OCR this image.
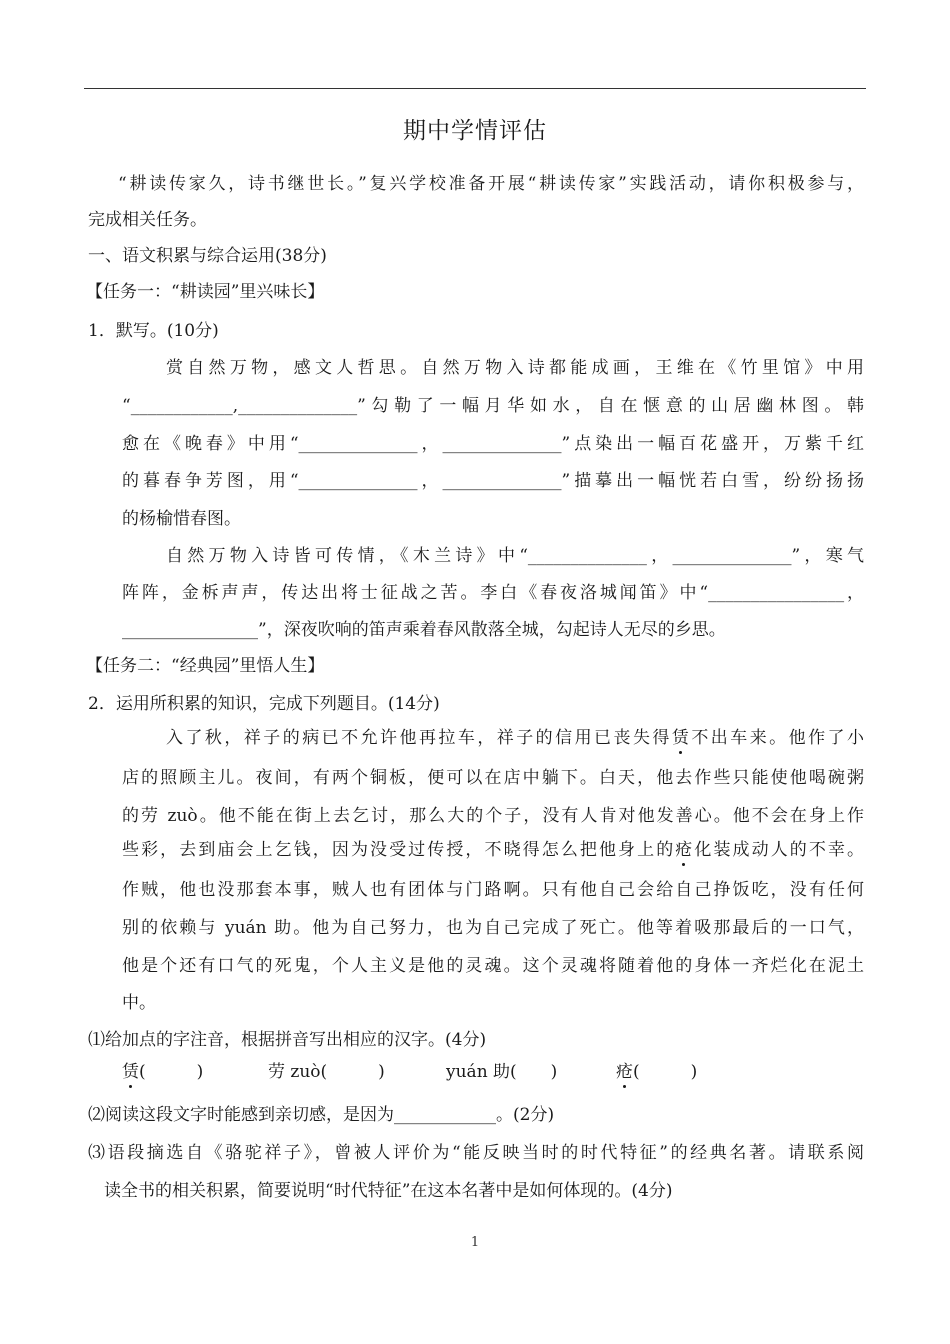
期中学情评估
“耕读传家久，诗书继世长。”复兴学校准备开展“耕读传家”实践活动，请你积极参与，
完成相关任务。
一、语文积累与综合运用(38分)
【任务一：“耕读园”里兴味长】
1．默写。(10分)
赏自然万物，感文人哲思。自然万物入诗都能成画，王维在《竹里馆》中用
“____________,______________”勾勒了一幅月华如水，自在惬意的山居幽林图。韩
愈在《晚春》中用“______________，______________”点染出一幅百花盛开，万紫千红
的暮春争芳图，用“______________，______________”描摹出一幅恍若白雪，纷纷扬扬
的杨榆惜春图。
自然万物入诗皆可传情，《木兰诗》中“______________，______________”，寒气
阵阵，金柝声声，传达出将士征战之苦。李白《春夜洛城闻笛》中“________________，
________________”，深夜吹响的笛声乘着春风散落全城，勾起诗人无尽的乡思。
【任务二：“经典园”里悟人生】
2．运用所积累的知识，完成下列题目。(14分)
入了秋，祥子的病已不允许他再拉车，祥子的信用已丧失得赁不出车来。他作了小
店的照顾主儿。夜间，有两个铜板，便可以在店中躺下。白天，他去作些只能使他喝碗粥
的劳 zuò。他不能在街上去乞讨，那么大的个子，没有人肯对他发善心。他不会在身上作
些彩，去到庙会上乞钱，因为没受过传授，不晓得怎么把他身上的疮化装成动人的不幸。
作贼，他也没那套本事，贼人也有团体与门路啊。只有他自己会给自己挣饭吃，没有任何
别的依赖与 yuán 助。他为自己努力，也为自己完成了死亡。他等着吸那最后的一口气，
他是个还有口气的死鬼，个人主义是他的灵魂。这个灵魂将随着他的身体一齐烂化在泥土
中。
⑴给加点的字注音，根据拼音写出相应的汉字。(4分)
赁(　　　)	劳 zuò(　　　)	yuán 助(　　)	疮(　　　)
⑵阅读这段文字时能感到亲切感，是因为____________。(2分)
⑶语段摘选自《骆驼祥子》，曾被人评价为“能反映当时的时代特征”的经典名著。请联系阅
读全书的相关积累，简要说明“时代特征”在这本名著中是如何体现的。(4分)
1
